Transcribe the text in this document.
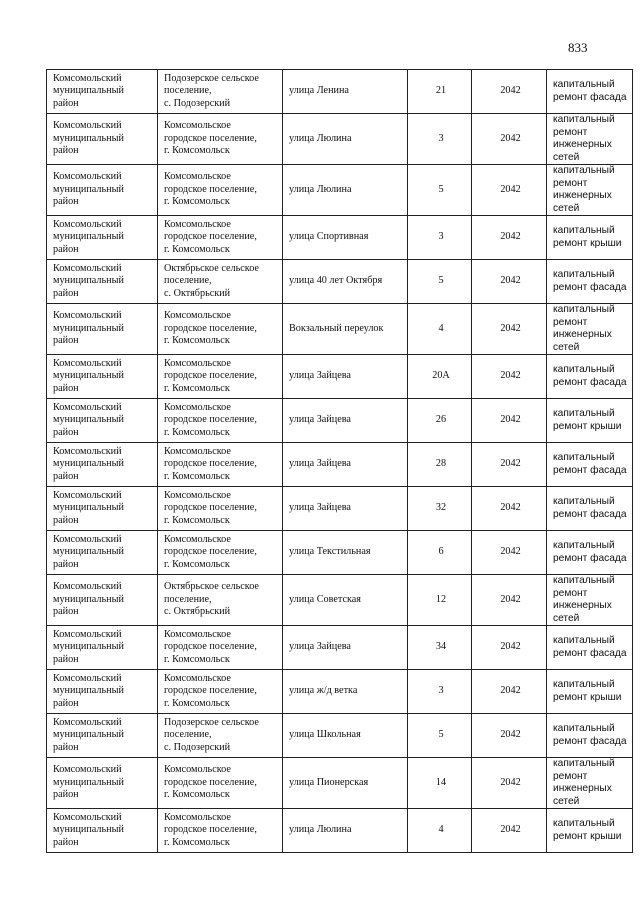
833
Комсомольский
муниципальный
район	Подозерское сельское
поселение,
с. Подозерский	улица Ленина	21	2042	капитальный
ремонт фасада

Комсомольский
муниципальный
район	Комсомольское
городское поселение,
г. Комсомольск	улица Люлина	3	2042	капитальный
ремонт
инженерных
сетей

Комсомольский
муниципальный
район	Комсомольское
городское поселение,
г. Комсомольск	улица Люлина	5	2042	капитальный
ремонт
инженерных
сетей

Комсомольский
муниципальный
район	Комсомольское
городское поселение,
г. Комсомольск	улица Спортивная	3	2042	капитальный
ремонт крыши

Комсомольский
муниципальный
район	Октябрьское сельское
поселение,
с. Октябрьский	улица 40 лет Октября	5	2042	капитальный
ремонт фасада

Комсомольский
муниципальный
район	Комсомольское
городское поселение,
г. Комсомольск	Вокзальный переулок	4	2042	капитальный
ремонт
инженерных
сетей

Комсомольский
муниципальный
район	Комсомольское
городское поселение,
г. Комсомольск	улица Зайцева	20А	2042	капитальный
ремонт фасада

Комсомольский
муниципальный
район	Комсомольское
городское поселение,
г. Комсомольск	улица Зайцева	26	2042	капитальный
ремонт крыши

Комсомольский
муниципальный
район	Комсомольское
городское поселение,
г. Комсомольск	улица Зайцева	28	2042	капитальный
ремонт фасада

Комсомольский
муниципальный
район	Комсомольское
городское поселение,
г. Комсомольск	улица Зайцева	32	2042	капитальный
ремонт фасада

Комсомольский
муниципальный
район	Комсомольское
городское поселение,
г. Комсомольск	улица Текстильная	6	2042	капитальный
ремонт фасада

Комсомольский
муниципальный
район	Октябрьское сельское
поселение,
с. Октябрьский	улица Советская	12	2042	капитальный
ремонт
инженерных
сетей

Комсомольский
муниципальный
район	Комсомольское
городское поселение,
г. Комсомольск	улица Зайцева	34	2042	капитальный
ремонт фасада

Комсомольский
муниципальный
район	Комсомольское
городское поселение,
г. Комсомольск	улица ж/д ветка	3	2042	капитальный
ремонт крыши

Комсомольский
муниципальный
район	Подозерское сельское
поселение,
с. Подозерский	улица Школьная	5	2042	капитальный
ремонт фасада

Комсомольский
муниципальный
район	Комсомольское
городское поселение,
г. Комсомольск	улица Пионерская	14	2042	капитальный
ремонт
инженерных
сетей

Комсомольский
муниципальный
район	Комсомольское
городское поселение,
г. Комсомольск	улица Люлина	4	2042	капитальный
ремонт крыши
